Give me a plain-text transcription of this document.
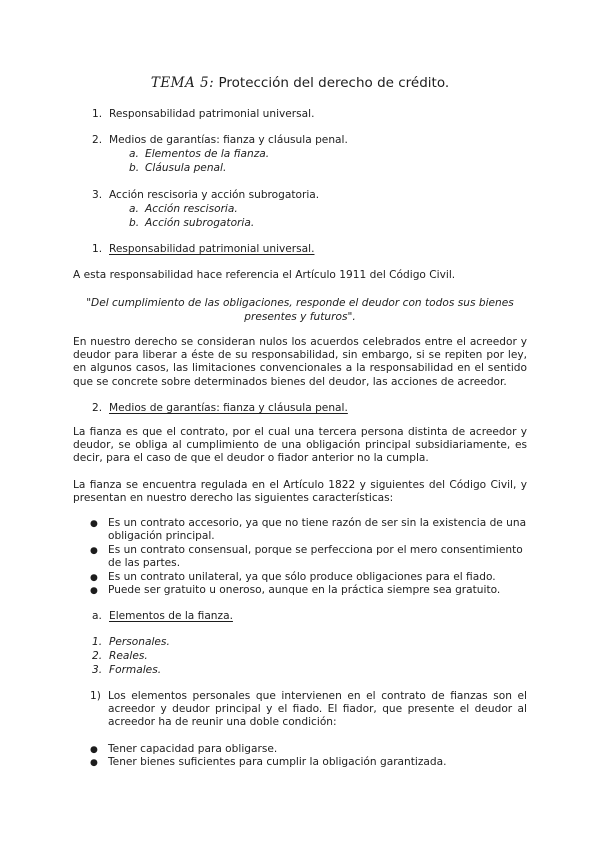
TEMA 5: Protección del derecho de crédito.
1. Responsabilidad patrimonial universal.
2. Medios de garantías: fianza y cláusula penal.
a. Elementos de la fianza.
b. Cláusula penal.
3. Acción rescisoria y acción subrogatoria.
a. Acción rescisoria.
b. Acción subrogatoria.
1. Responsabilidad patrimonial universal.
A esta responsabilidad hace referencia el Artículo 1911 del Código Civil.
"Del cumplimiento de las obligaciones, responde el deudor con todos sus bienes
presentes y futuros".
En nuestro derecho se consideran nulos los acuerdos celebrados entre el acreedor y deudor para liberar a éste de su responsabilidad, sin embargo, si se repiten por ley, en algunos casos, las limitaciones convencionales a la responsabilidad en el sentido que se concrete sobre determinados bienes del deudor, las acciones de acreedor.
2. Medios de garantías: fianza y cláusula penal.
La fianza es que el contrato, por el cual una tercera persona distinta de acreedor y deudor, se obliga al cumplimiento de una obligación principal subsidiariamente, es decir, para el caso de que el deudor o fiador anterior no la cumpla.
La fianza se encuentra regulada en el Artículo 1822 y siguientes del Código Civil, y presentan en nuestro derecho las siguientes características:
● Es un contrato accesorio, ya que no tiene razón de ser sin la existencia de una obligación principal.
● Es un contrato consensual, porque se perfecciona por el mero consentimiento de las partes.
● Es un contrato unilateral, ya que sólo produce obligaciones para el fiado.
● Puede ser gratuito u oneroso, aunque en la práctica siempre sea gratuito.
a. Elementos de la fianza.
1. Personales.
2. Reales.
3. Formales.
1) Los elementos personales que intervienen en el contrato de fianzas son el acreedor y deudor principal y el fiado. El fiador, que presente el deudor al acreedor ha de reunir una doble condición:
● Tener capacidad para obligarse.
● Tener bienes suficientes para cumplir la obligación garantizada.
